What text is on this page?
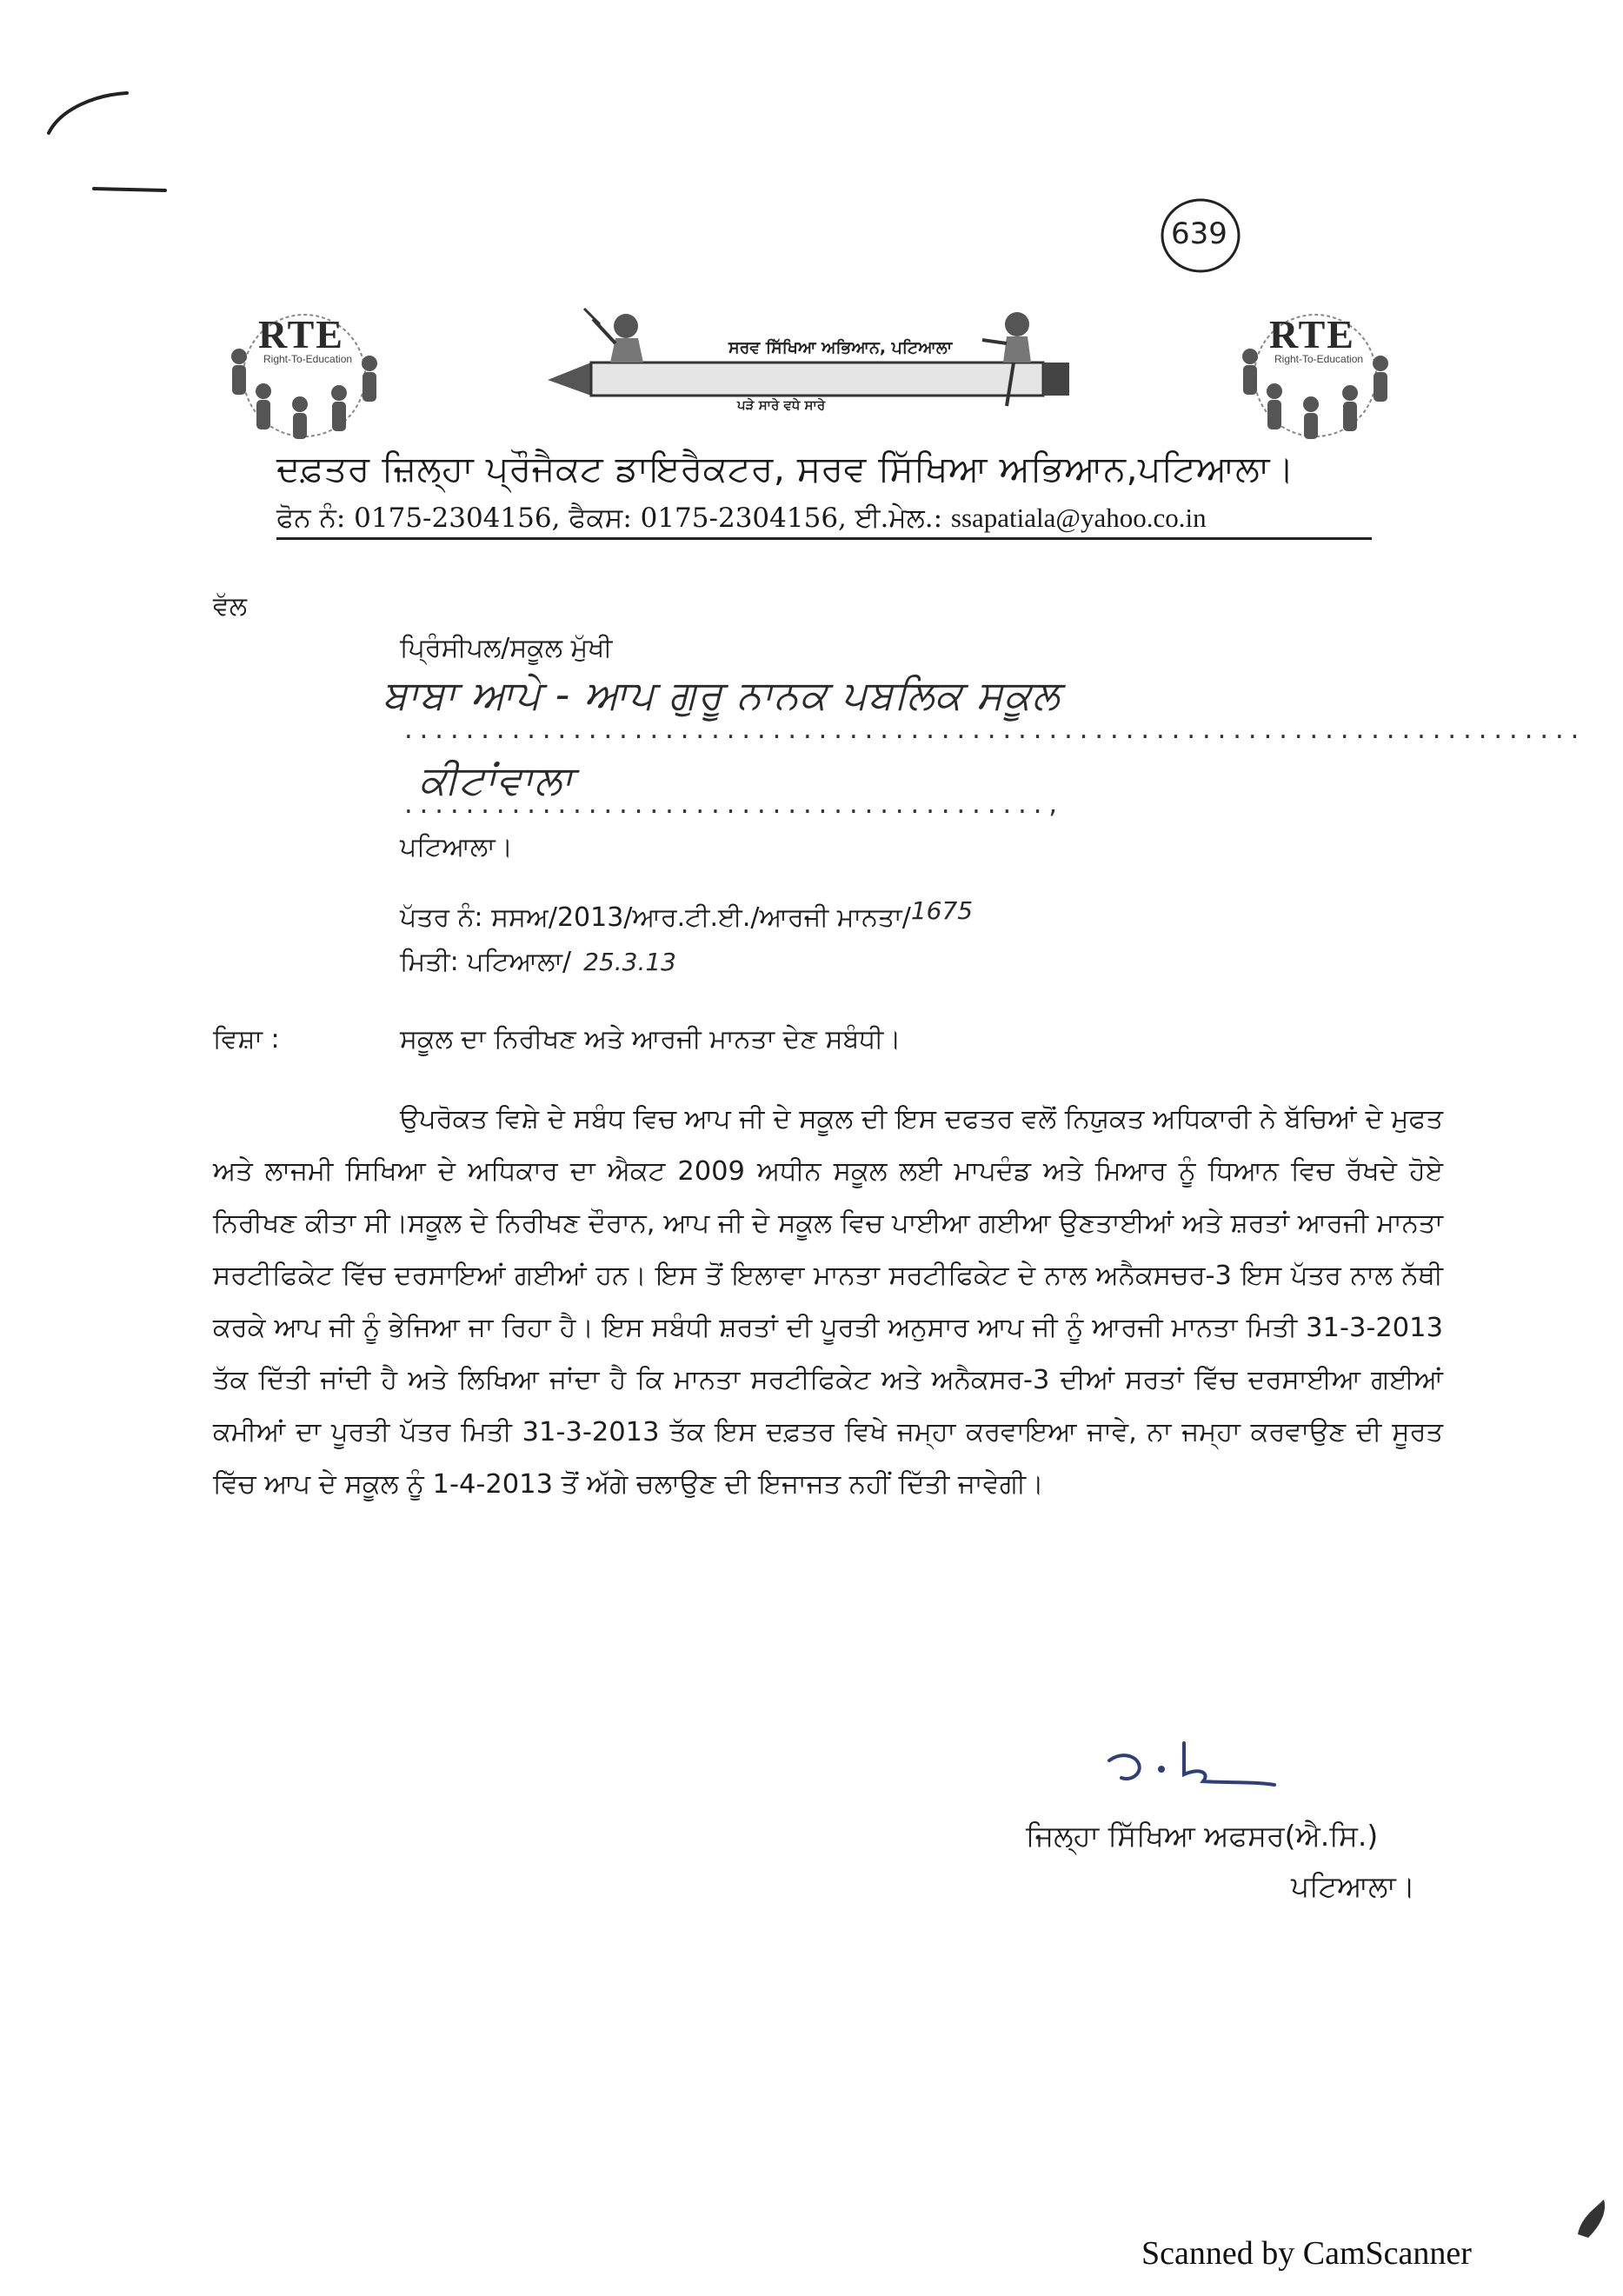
639
RTE
Right-To-Education
RTE
Right-To-Education
ਸਰਵ ਸਿੱਖਿਆ ਅਭਿਆਨ, ਪਟਿਆਲਾ
ਪੜੇ ਸਾਰੇ ਵਧੇ ਸਾਰੇ
ਦਫ਼ਤਰ ਜ਼ਿਲ੍ਹਾ ਪ੍ਰੌਜੈਕਟ ਡਾਇਰੈਕਟਰ, ਸਰਵ ਸਿੱਖਿਆ ਅਭਿਆਨ,ਪਟਿਆਲਾ।
ਫੋਨ ਨੰ: 0175-2304156, ਫੈਕਸ: 0175-2304156, ਈ.ਮੇਲ.: ssapatiala@yahoo.co.in
ਵੱਲ
ਪ੍ਰਿੰਸੀਪਲ/ਸਕੂਲ ਮੁੱਖੀ
ਬਾਬਾ ਆਪੇ - ਆਪ ਗੁਰੂ ਨਾਨਕ ਪਬਲਿਕ ਸਕੂਲ
.............................................................................
ਕੀਟਾਂਵਾਲਾ
..........................................,
ਪਟਿਆਲਾ।
ਪੱਤਰ ਨੰ: ਸਸਅ/2013/ਆਰ.ਟੀ.ਈ./ਆਰਜੀ ਮਾਨਤਾ/1675
ਮਿਤੀ: ਪਟਿਆਲਾ/ 25.3.13
ਵਿਸ਼ਾ :	ਸਕੂਲ ਦਾ ਨਿਰੀਖਣ ਅਤੇ ਆਰਜੀ ਮਾਨਤਾ ਦੇਣ ਸਬੰਧੀ।
ਉਪਰੋਕਤ ਵਿਸ਼ੇ ਦੇ ਸਬੰਧ ਵਿਚ ਆਪ ਜੀ ਦੇ ਸਕੂਲ ਦੀ ਇਸ ਦਫਤਰ ਵਲੋਂ ਨਿਯੁਕਤ ਅਧਿਕਾਰੀ ਨੇ ਬੱਚਿਆਂ ਦੇ ਮੁਫਤ ਅਤੇ ਲਾਜਮੀ ਸਿਖਿਆ ਦੇ ਅਧਿਕਾਰ ਦਾ ਐਕਟ 2009 ਅਧੀਨ ਸਕੂਲ ਲਈ ਮਾਪਦੰਡ ਅਤੇ ਮਿਆਰ ਨੂੰ ਧਿਆਨ ਵਿਚ ਰੱਖਦੇ ਹੋਏ ਨਿਰੀਖਣ ਕੀਤਾ ਸੀ।ਸਕੂਲ ਦੇ ਨਿਰੀਖਣ ਦੌਰਾਨ, ਆਪ ਜੀ ਦੇ ਸਕੂਲ ਵਿਚ ਪਾਈਆ ਗਈਆ ਉਣਤਾਈਆਂ ਅਤੇ ਸ਼ਰਤਾਂ ਆਰਜੀ ਮਾਨਤਾ ਸਰਟੀਫਿਕੇਟ ਵਿੱਚ ਦਰਸਾਇਆਂ ਗਈਆਂ ਹਨ। ਇਸ ਤੋਂ ਇਲਾਵਾ ਮਾਨਤਾ ਸਰਟੀਫਿਕੇਟ ਦੇ ਨਾਲ ਅਨੈਕਸਚਰ-3 ਇਸ ਪੱਤਰ ਨਾਲ ਨੱਥੀ ਕਰਕੇ ਆਪ ਜੀ ਨੂੰ ਭੇਜਿਆ ਜਾ ਰਿਹਾ ਹੈ। ਇਸ ਸਬੰਧੀ ਸ਼ਰਤਾਂ ਦੀ ਪੂਰਤੀ ਅਨੁਸਾਰ ਆਪ ਜੀ ਨੂੰ ਆਰਜੀ ਮਾਨਤਾ ਮਿਤੀ 31-3-2013 ਤੱਕ ਦਿੱਤੀ ਜਾਂਦੀ ਹੈ ਅਤੇ ਲਿਖਿਆ ਜਾਂਦਾ ਹੈ ਕਿ ਮਾਨਤਾ ਸਰਟੀਫਿਕੇਟ ਅਤੇ ਅਨੈਕਸਰ-3 ਦੀਆਂ ਸਰਤਾਂ ਵਿੱਚ ਦਰਸਾਈਆ ਗਈਆਂ ਕਮੀਆਂ ਦਾ ਪੂਰਤੀ ਪੱਤਰ ਮਿਤੀ 31-3-2013 ਤੱਕ ਇਸ ਦਫ਼ਤਰ ਵਿਖੇ ਜਮ੍ਹਾ ਕਰਵਾਇਆ ਜਾਵੇ, ਨਾ ਜਮ੍ਹਾ ਕਰਵਾਉਣ ਦੀ ਸੂਰਤ ਵਿੱਚ ਆਪ ਦੇ ਸਕੂਲ ਨੂੰ 1-4-2013 ਤੋਂ ਅੱਗੇ ਚਲਾਉਣ ਦੀ ਇਜਾਜਤ ਨਹੀਂ ਦਿੱਤੀ ਜਾਵੇਗੀ।
ਜਿਲ੍ਹਾ ਸਿੱਖਿਆ ਅਫਸਰ(ਐ.ਸਿ.)
ਪਟਿਆਲਾ।
Scanned by CamScanner
